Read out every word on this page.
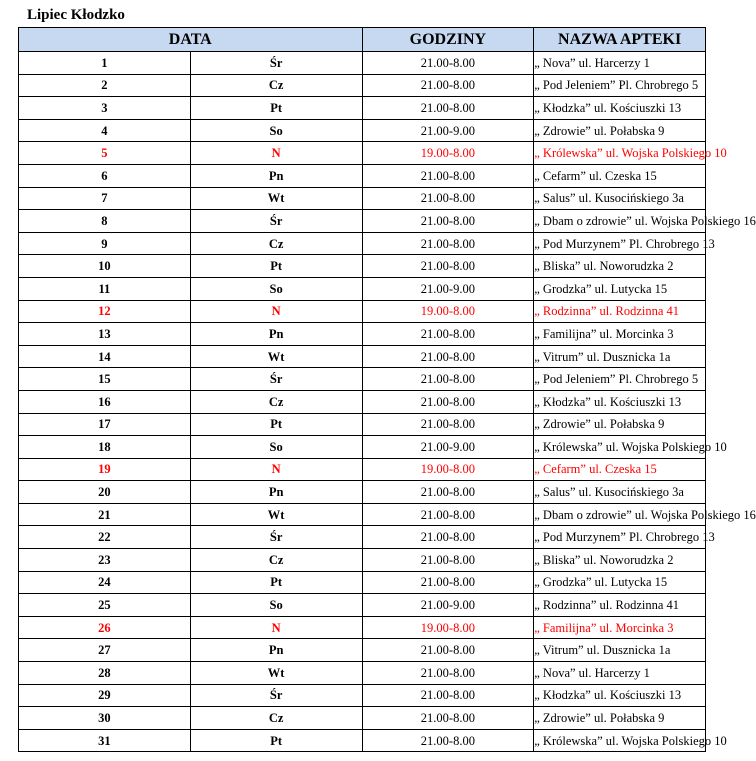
Lipiec Kłodzko
DATA		GODZINY	NAZWA APTEKI
1	Śr	21.00-8.00	„ Nova” ul. Harcerzy 1
2	Cz	21.00-8.00	„ Pod Jeleniem” Pl. Chrobrego 5
3	Pt	21.00-8.00	„ Kłodzka” ul. Kościuszki 13
4	So	21.00-9.00	„ Zdrowie” ul. Połabska 9
5	N	19.00-8.00	„ Królewska” ul. Wojska Polskiego 10
6	Pn	21.00-8.00	„ Cefarm” ul. Czeska 15
7	Wt	21.00-8.00	„ Salus” ul. Kusocińskiego 3a
8	Śr	21.00-8.00	„ Dbam o zdrowie” ul. Wojska Polskiego 16
9	Cz	21.00-8.00	„ Pod Murzynem” Pl. Chrobrego 13
10	Pt	21.00-8.00	„ Bliska” ul. Noworudzka 2
11	So	21.00-9.00	„ Grodzka” ul. Lutycka 15
12	N	19.00-8.00	„ Rodzinna” ul. Rodzinna 41
13	Pn	21.00-8.00	„ Familijna” ul. Morcinka 3
14	Wt	21.00-8.00	„ Vitrum” ul. Dusznicka 1a
15	Śr	21.00-8.00	„ Pod Jeleniem” Pl. Chrobrego 5
16	Cz	21.00-8.00	„ Kłodzka” ul. Kościuszki 13
17	Pt	21.00-8.00	„ Zdrowie” ul. Połabska 9
18	So	21.00-9.00	„ Królewska” ul. Wojska Polskiego 10
19	N	19.00-8.00	„ Cefarm” ul. Czeska 15
20	Pn	21.00-8.00	„ Salus” ul. Kusocińskiego 3a
21	Wt	21.00-8.00	„ Dbam o zdrowie” ul. Wojska Polskiego 16
22	Śr	21.00-8.00	„ Pod Murzynem” Pl. Chrobrego 13
23	Cz	21.00-8.00	„ Bliska” ul. Noworudzka 2
24	Pt	21.00-8.00	„ Grodzka” ul. Lutycka 15
25	So	21.00-9.00	„ Rodzinna” ul. Rodzinna 41
26	N	19.00-8.00	„ Familijna” ul. Morcinka 3
27	Pn	21.00-8.00	„ Vitrum” ul. Dusznicka 1a
28	Wt	21.00-8.00	„ Nova” ul. Harcerzy 1
29	Śr	21.00-8.00	„ Kłodzka” ul. Kościuszki 13
30	Cz	21.00-8.00	„ Zdrowie” ul. Połabska 9
31	Pt	21.00-8.00	„ Królewska” ul. Wojska Polskiego 10
